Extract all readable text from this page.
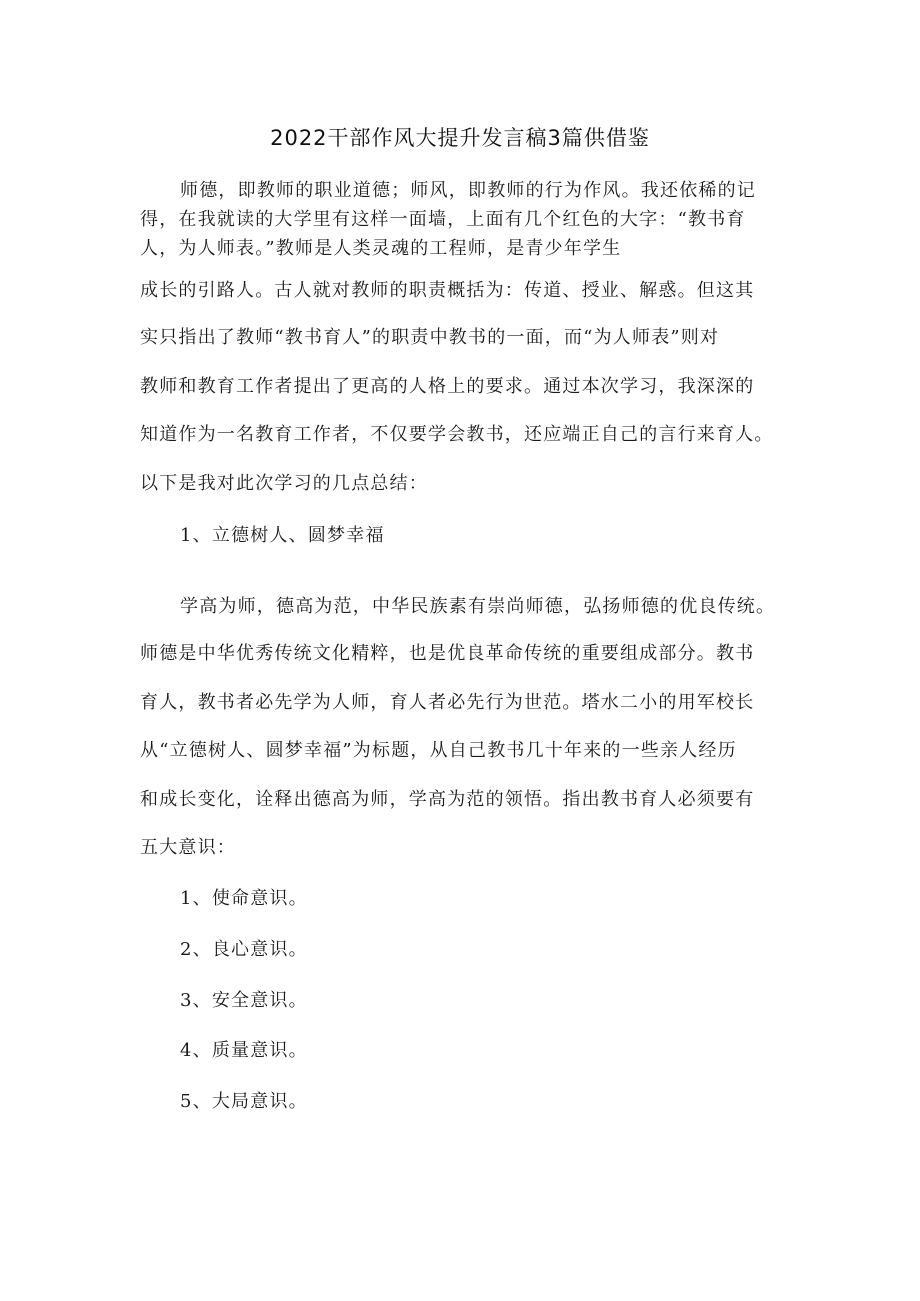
2022干部作风大提升发言稿3篇供借鉴
师德，即教师的职业道德；师风，即教师的行为作风。我还依稀的记
得，在我就读的大学里有这样一面墙，上面有几个红色的大字：“教书育
人，为人师表。”教师是人类灵魂的工程师，是青少年学生
成长的引路人。古人就对教师的职责概括为：传道、授业、解惑。但这其
实只指出了教师“教书育人”的职责中教书的一面，而“为人师表”则对
教师和教育工作者提出了更高的人格上的要求。通过本次学习，我深深的
知道作为一名教育工作者，不仅要学会教书，还应端正自己的言行来育人。
以下是我对此次学习的几点总结：
1、立德树人、圆梦幸福
学高为师，德高为范，中华民族素有崇尚师德，弘扬师德的优良传统。
师德是中华优秀传统文化精粹，也是优良革命传统的重要组成部分。教书
育人，教书者必先学为人师，育人者必先行为世范。塔水二小的用军校长
从“立德树人、圆梦幸福”为标题，从自己教书几十年来的一些亲人经历
和成长变化，诠释出德高为师，学高为范的领悟。指出教书育人必须要有
五大意识：
1、使命意识。
2、良心意识。
3、安全意识。
4、质量意识。
5、大局意识。
